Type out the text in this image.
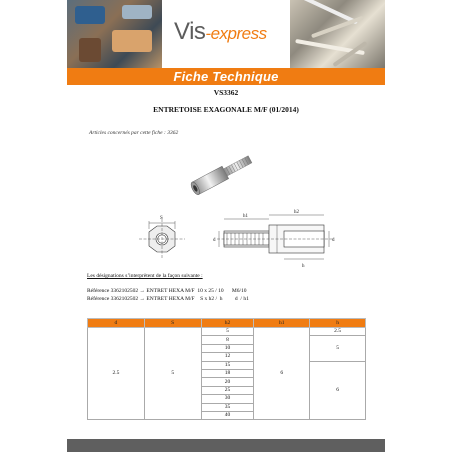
Vis-express
Fiche Technique
VS3362
ENTRETOISE EXAGONALE M/F (01/2014)
Articles concernés par cette fiche : 3362
S	h1
h2
d	d
h
Les désignations s’interprètent de la façon suivante :
Référence 3362102502 → ENTRET HEXA M/F  10 x 25 / 10      M6/10
Référence 3362102502 → ENTRET HEXA M/F    S x h2 /  h         d  / h1
d	S	h2	h1	h
2.5	5	5	6	2.5
		8		5
		10		
		12		
		15		6
		18		
		20		
		25		
		30		
		35		
		40		
